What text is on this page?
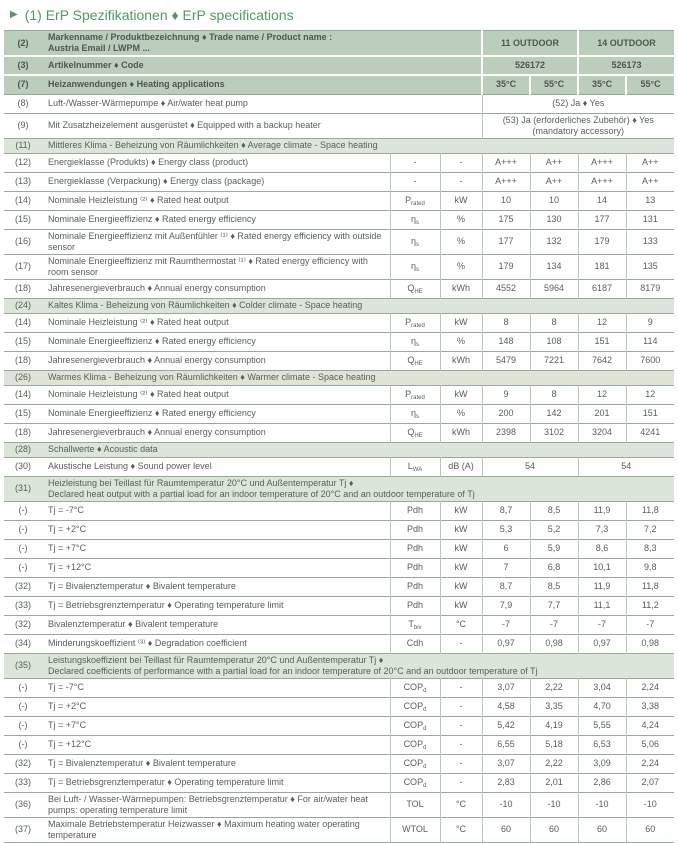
▶ (1) ErP Spezifikationen ♦ ErP specifications
(2)	Markenname / Produktbezeichnung ♦ Trade name / Product name :
Austria Email / LWPM ...			11 OUTDOOR		14 OUTDOOR	
(3)	Artikelnummer ♦ Code			526172		526173	
(7)	Heizanwendungen ♦ Heating applications			35°C	55°C	35°C	55°C
(8)	Luft-/Wasser-Wärmepumpe ♦ Air/water heat pump			(52) Ja ♦ Yes			
(9)	Mit Zusatzheizelement ausgerüstet ♦ Equipped with a backup heater			(53) Ja (erforderliches Zubehör) ♦ Yes (mandatory accessory)			
(11)	Mittleres Klima - Beheizung von Räumlichkeiten ♦ Average climate - Space heating						
(12)	Energieklasse (Produkts) ♦ Energy class (product)	-	-	A+++	A++	A+++	A++
(13)	Energieklasse (Verpackung) ♦ Energy class (package)	-	-	A+++	A++	A+++	A++
(14)	Nominale Heizleistung ⁽²⁾ ♦ Rated heat output	$P_{rated}$	kW	10	10	14	13
(15)	Nominale Energieeffizienz ♦ Rated energy efficiency	$\eta_s$	%	175	130	177	131
(16)	Nominale Energieeffizienz mit Außenfühler ⁽¹⁾ ♦ Rated energy efficiency with outside sensor	$\eta_s$	%	177	132	179	133
(17)	Nominale Energieeffizienz mit Raumthermostat ⁽¹⁾ ♦ Rated energy efficiency with room sensor	$\eta_s$	%	179	134	181	135
(18)	Jahresenergieverbrauch ♦ Annual energy consumption	$Q_{HE}$	kWh	4552	5964	6187	8179
(24)	Kaltes Klima - Beheizung von Räumlichkeiten ♦ Colder climate - Space heating						
(14)	Nominale Heizleistung ⁽²⁾ ♦ Rated heat output	$P_{rated}$	kW	8	8	12	9
(15)	Nominale Energieeffizienz ♦ Rated energy efficiency	$\eta_s$	%	148	108	151	114
(18)	Jahresenergieverbrauch ♦ Annual energy consumption	$Q_{HE}$	kWh	5479	7221	7642	7600
(26)	Warmes Klima - Beheizung von Räumlichkeiten ♦ Warmer climate - Space heating						
(14)	Nominale Heizleistung ⁽²⁾ ♦ Rated heat output	$P_{rated}$	kW	9	8	12	12
(15)	Nominale Energieeffizienz ♦ Rated energy efficiency	$\eta_s$	%	200	142	201	151
(18)	Jahresenergieverbrauch ♦ Annual energy consumption	$Q_{HE}$	kWh	2398	3102	3204	4241
(28)	Schallwerte ♦ Acoustic data						
(30)	Akustische Leistung ♦ Sound power level	$L_{WA}$	dB (A)	54		54	
(31)	Heizleistung bei Teillast für Raumtemperatur 20°C und Außentemperatur Tj ♦
Declared heat output with a partial load for an indoor temperature of 20°C and an outdoor temperature of Tj						
(-)	Tj = -7°C	Pdh	kW	8,7	8,5	11,9	11,8
(-)	Tj = +2°C	Pdh	kW	5,3	5,2	7,3	7,2
(-)	Tj = +7°C	Pdh	kW	6	5,9	8,6	8,3
(-)	Tj = +12°C	Pdh	kW	7	6,8	10,1	9,8
(32)	Tj = Bivalenztemperatur ♦ Bivalent temperature	Pdh	kW	8,7	8,5	11,9	11,8
(33)	Tj = Betriebsgrenztemperatur ♦ Operating temperature limit	Pdh	kW	7,9	7,7	11,1	11,2
(32)	Bivalenztemperatur ♦ Bivalent temperature	$T_{biv}$	°C	-7	-7	-7	-7
(34)	Minderungskoeffizient ⁽³⁾ ♦ Degradation coefficient	Cdh	-	0,97	0,98	0,97	0,98
(35)	Leistungskoeffizient bei Teillast für Raumtemperatur 20°C und Außentemperatur Tj ♦
Declared coefficients of performance with a partial load for an indoor temperature of 20°C and an outdoor temperature of Tj						
(-)	Tj = -7°C	$COP_d$	-	3,07	2,22	3,04	2,24
(-)	Tj = +2°C	$COP_d$	-	4,58	3,35	4,70	3,38
(-)	Tj = +7°C	$COP_d$	-	5,42	4,19	5,55	4,24
(-)	Tj = +12°C	$COP_d$	-	6,55	5,18	6,53	5,06
(32)	Tj = Bivalenztemperatur ♦ Bivalent temperature	$COP_d$	-	3,07	2,22	3,09	2,24
(33)	Tj = Betriebsgrenztemperatur ♦ Operating temperature limit	$COP_d$	-	2,83	2,01	2,86	2,07
(36)	Bei Luft- / Wasser-Wärmepumpen: Betriebsgrenztemperatur ♦ For air/water heat pumps: operating temperature limit	TOL	°C	-10	-10	-10	-10
(37)	Maximale Betriebstemperatur Heizwasser ♦ Maximum heating water operating temperature	WTOL	°C	60	60	60	60
